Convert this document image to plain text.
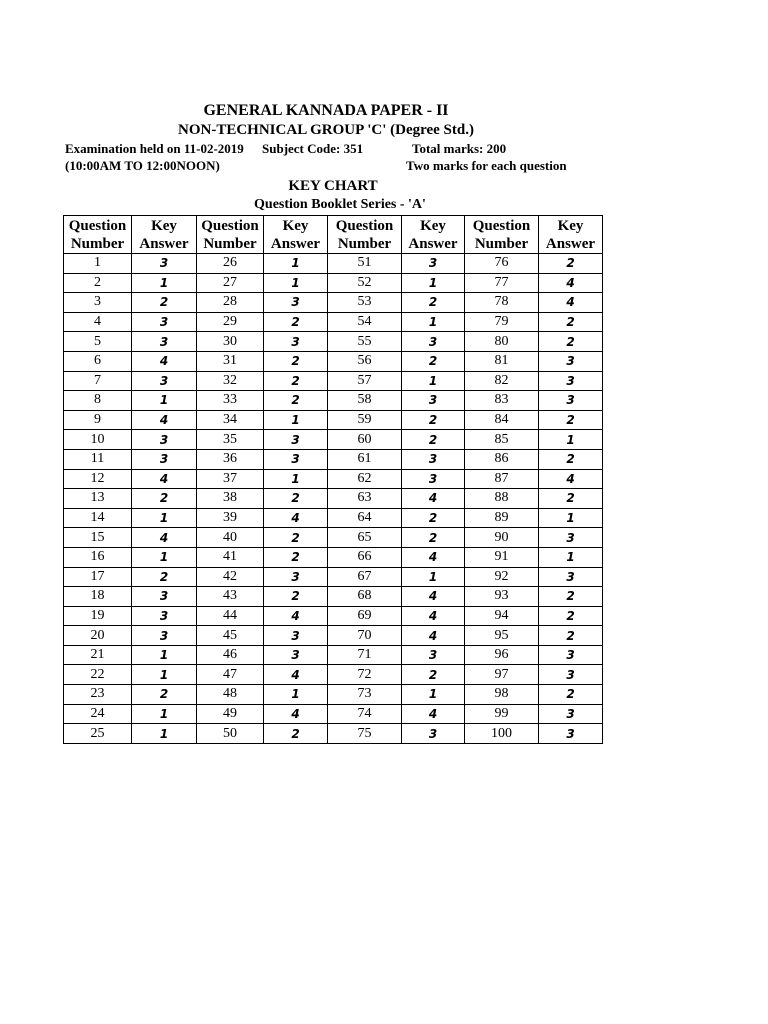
GENERAL KANNADA PAPER - II
NON-TECHNICAL GROUP 'C' (Degree Std.)
Examination held on 11-02-2019 Subject Code: 351	Total marks: 200
(10:00AM TO 12:00NOON)	Two marks for each question
KEY CHART
Question Booklet Series - 'A'
Question Number	Key Answer	Question Number	Key Answer	Question Number	Key Answer	Question Number	Key Answer
1	3	26	1	51	3	76	2
2	1	27	1	52	1	77	4
3	2	28	3	53	2	78	4
4	3	29	2	54	1	79	2
5	3	30	3	55	3	80	2
6	4	31	2	56	2	81	3
7	3	32	2	57	1	82	3
8	1	33	2	58	3	83	3
9	4	34	1	59	2	84	2
10	3	35	3	60	2	85	1
11	3	36	3	61	3	86	2
12	4	37	1	62	3	87	4
13	2	38	2	63	4	88	2
14	1	39	4	64	2	89	1
15	4	40	2	65	2	90	3
16	1	41	2	66	4	91	1
17	2	42	3	67	1	92	3
18	3	43	2	68	4	93	2
19	3	44	4	69	4	94	2
20	3	45	3	70	4	95	2
21	1	46	3	71	3	96	3
22	1	47	4	72	2	97	3
23	2	48	1	73	1	98	2
24	1	49	4	74	4	99	3
25	1	50	2	75	3	100	3
